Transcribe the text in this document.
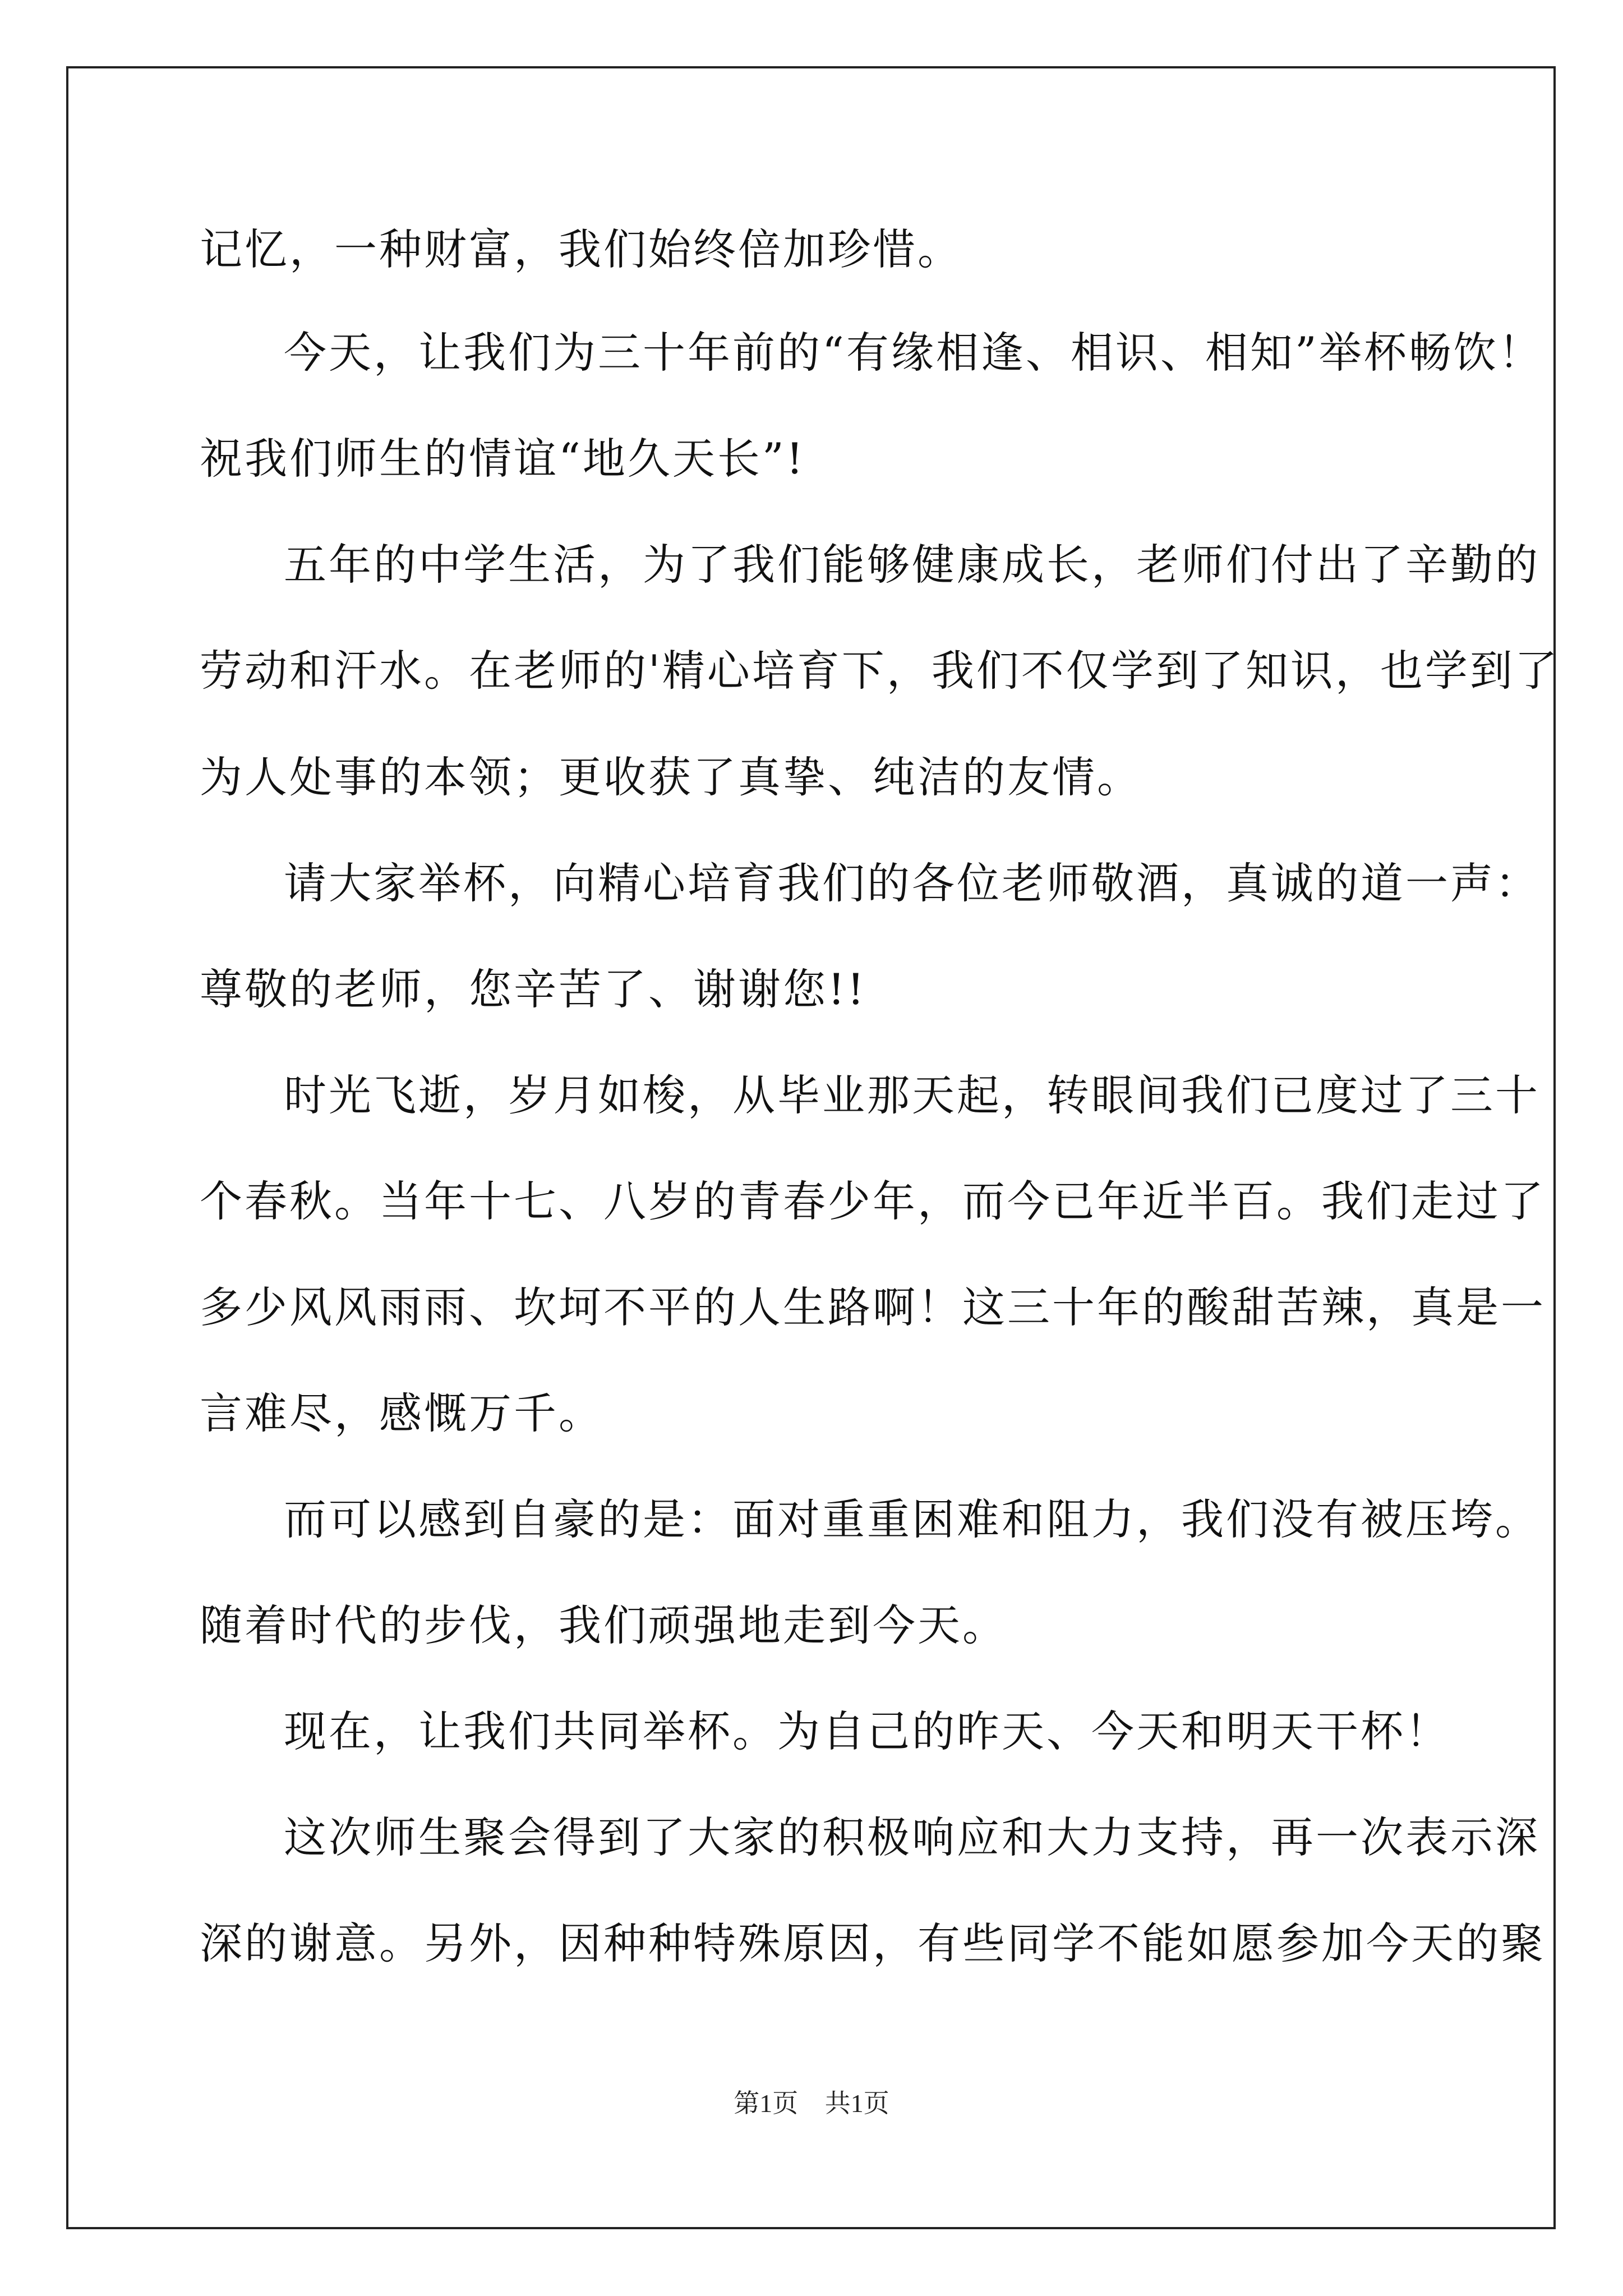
记忆，一种财富，我们始终倍加珍惜。
今天，让我们为三十年前的“有缘相逢、相识、相知”举杯畅饮！
祝我们师生的情谊“地久天长”!
五年的中学生活，为了我们能够健康成长，老师们付出了辛勤的
劳动和汗水。在老师的'精心培育下，我们不仅学到了知识，也学到了
为人处事的本领；更收获了真挚、纯洁的友情。
请大家举杯，向精心培育我们的各位老师敬酒，真诚的道一声：
尊敬的老师，您辛苦了、谢谢您!!
时光飞逝，岁月如梭，从毕业那天起，转眼间我们已度过了三十
个春秋。当年十七、八岁的青春少年，而今已年近半百。我们走过了
多少风风雨雨、坎坷不平的人生路啊！这三十年的酸甜苦辣，真是一
言难尽，感慨万千。
而可以感到自豪的是：面对重重困难和阻力，我们没有被压垮。
随着时代的步伐，我们顽强地走到今天。
现在，让我们共同举杯。为自己的昨天、今天和明天干杯！
这次师生聚会得到了大家的积极响应和大力支持，再一次表示深
深的谢意。另外，因种种特殊原因，有些同学不能如愿参加今天的聚
第1页 共1页
